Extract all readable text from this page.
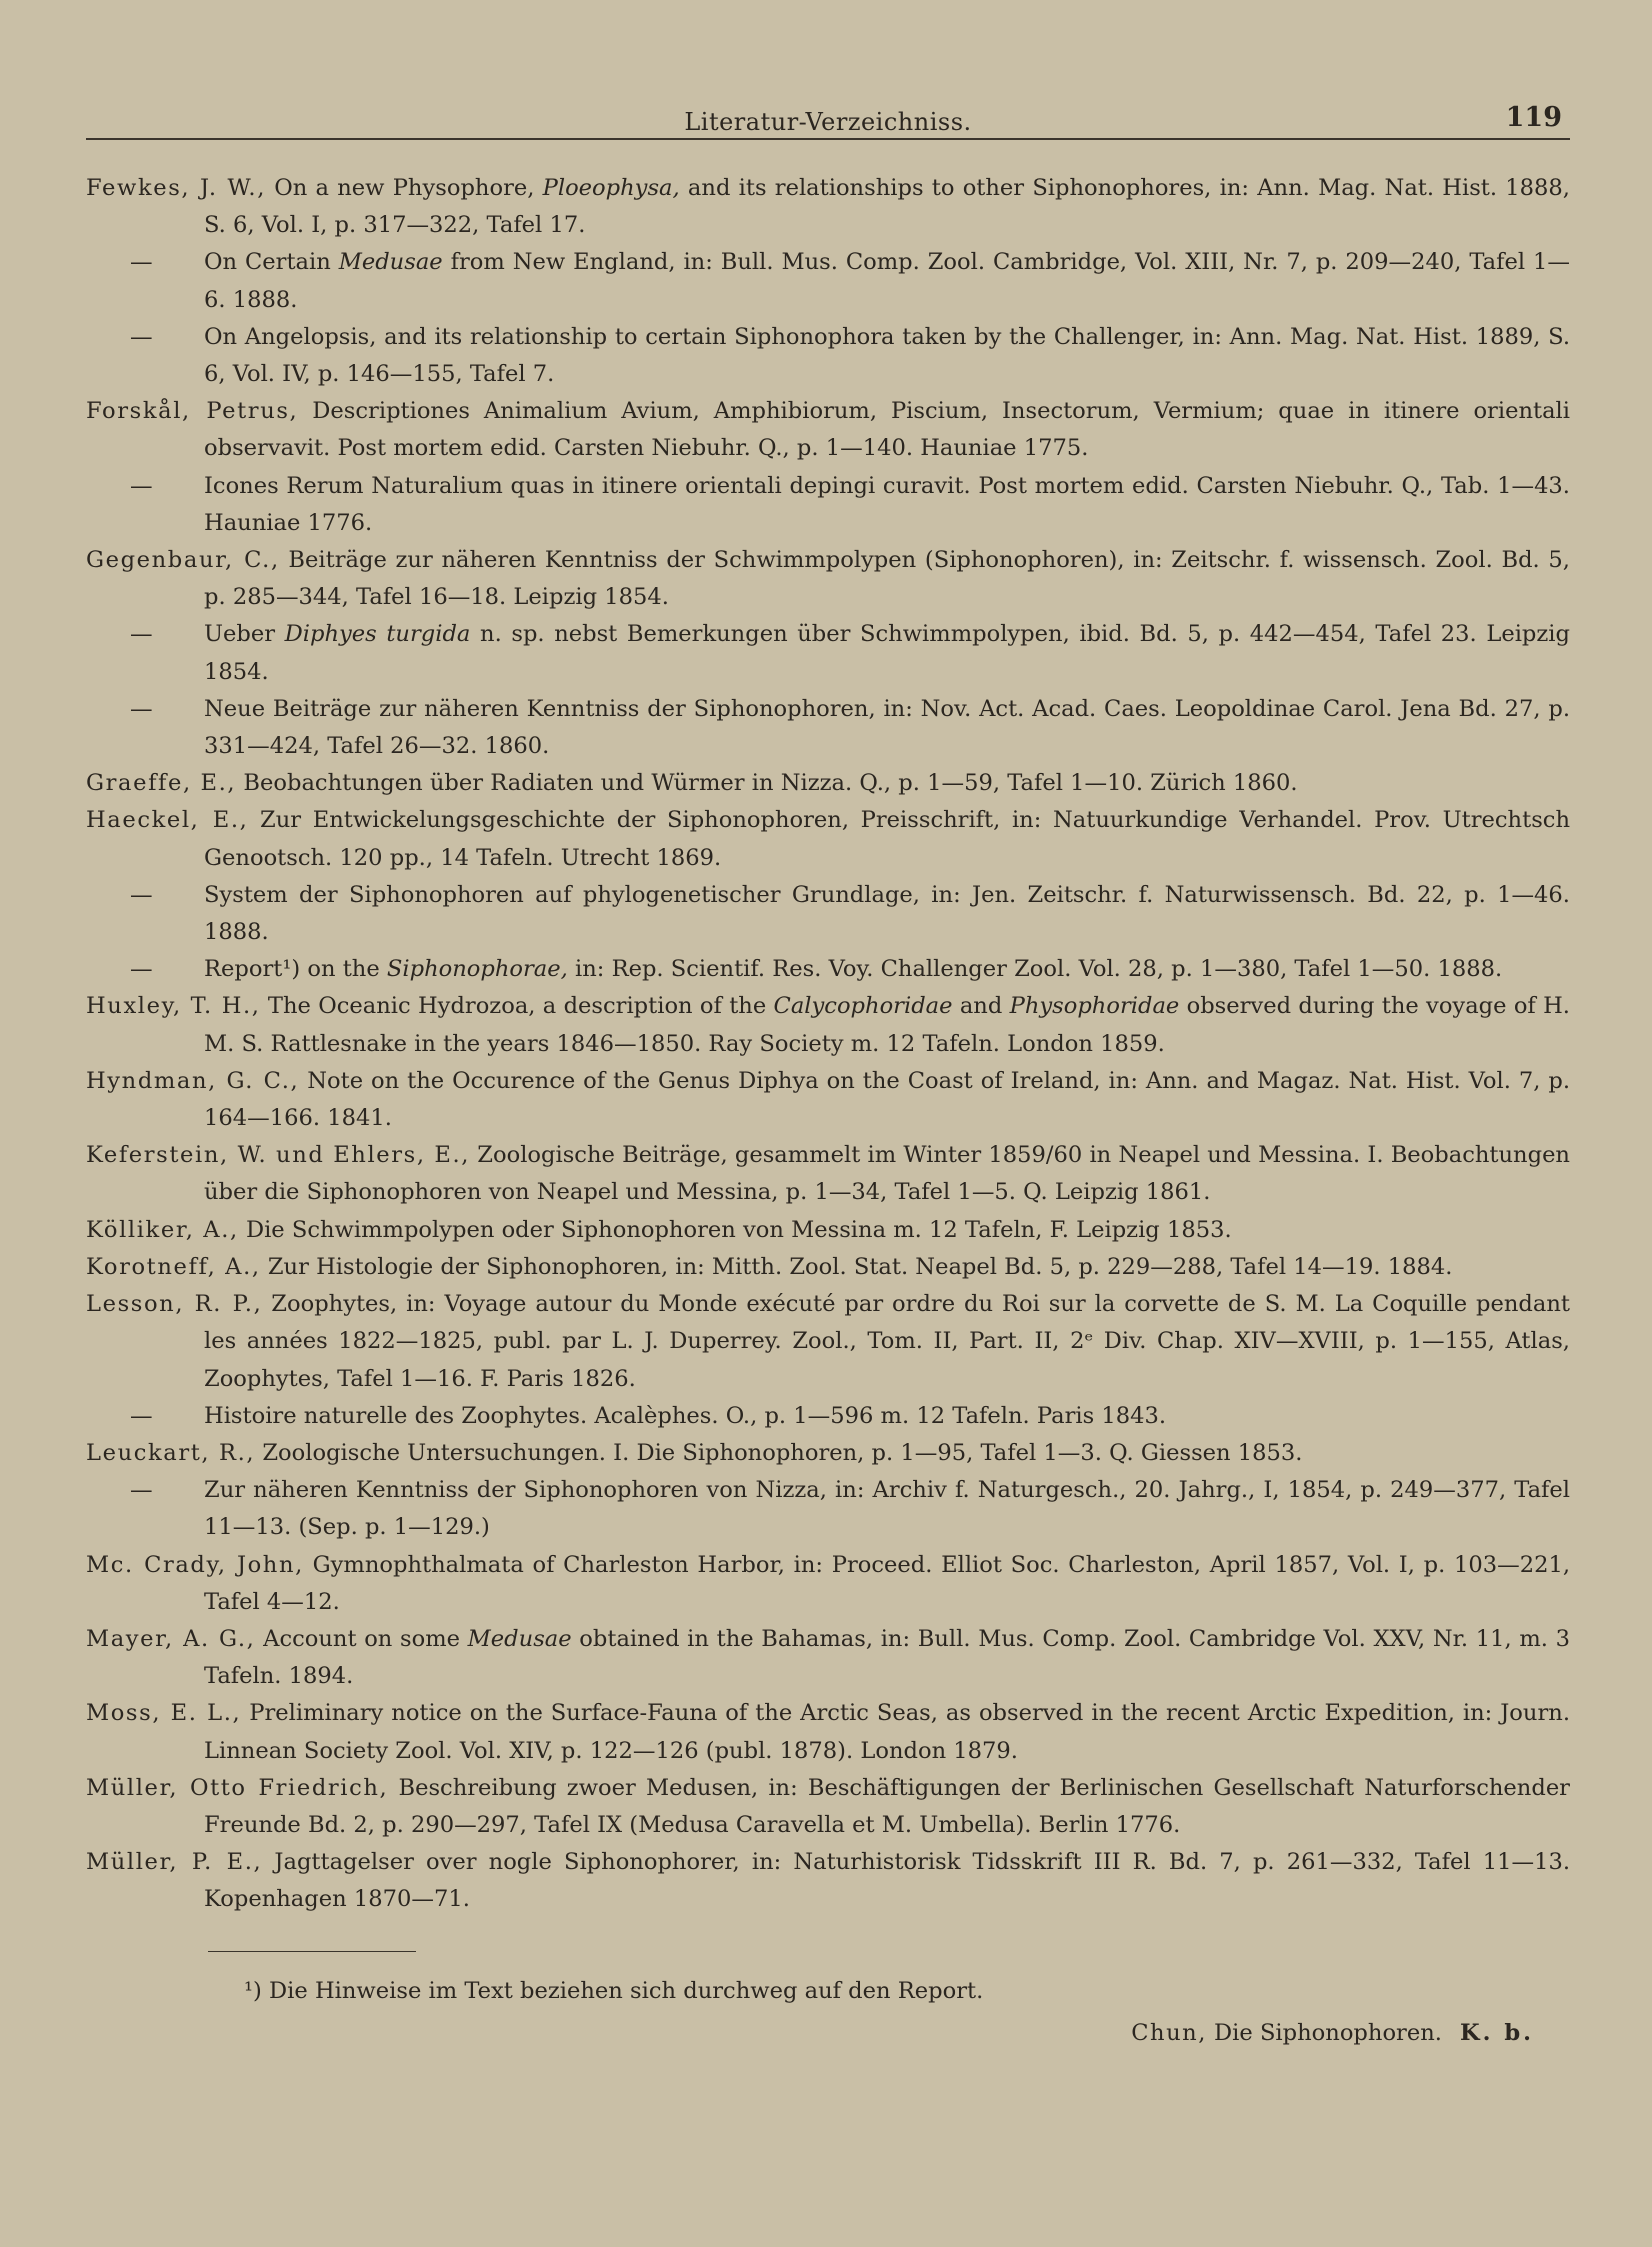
Literatur-Verzeichniss.	119
Fewkes, J. W., On a new Physophore, Ploeophysa, and its relationships to other Siphonophores, in: Ann. Mag. Nat. Hist. 1888, S. 6, Vol. I, p. 317—322, Tafel 17.
— On Certain Medusae from New England, in: Bull. Mus. Comp. Zool. Cambridge, Vol. XIII, Nr. 7, p. 209—240, Tafel 1—6. 1888.
— On Angelopsis, and its relationship to certain Siphonophora taken by the Challenger, in: Ann. Mag. Nat. Hist. 1889, S. 6, Vol. IV, p. 146—155, Tafel 7.
Forskål, Petrus, Descriptiones Animalium Avium, Amphibiorum, Piscium, Insectorum, Vermium; quae in itinere orientali observavit. Post mortem edid. Carsten Niebuhr. Q., p. 1—140. Hauniae 1775.
— Icones Rerum Naturalium quas in itinere orientali depingi curavit. Post mortem edid. Carsten Niebuhr. Q., Tab. 1—43. Hauniae 1776.
Gegenbaur, C., Beiträge zur näheren Kenntniss der Schwimmpolypen (Siphonophoren), in: Zeitschr. f. wissensch. Zool. Bd. 5, p. 285—344, Tafel 16—18. Leipzig 1854.
— Ueber Diphyes turgida n. sp. nebst Bemerkungen über Schwimmpolypen, ibid. Bd. 5, p. 442—454, Tafel 23. Leipzig 1854.
— Neue Beiträge zur näheren Kenntniss der Siphonophoren, in: Nov. Act. Acad. Caes. Leopoldinae Carol. Jena Bd. 27, p. 331—424, Tafel 26—32. 1860.
Graeffe, E., Beobachtungen über Radiaten und Würmer in Nizza. Q., p. 1—59, Tafel 1—10. Zürich 1860.
Haeckel, E., Zur Entwickelungsgeschichte der Siphonophoren, Preisschrift, in: Natuurkundige Verhandel. Prov. Utrechtsch Genootsch. 120 pp., 14 Tafeln. Utrecht 1869.
— System der Siphonophoren auf phylogenetischer Grundlage, in: Jen. Zeitschr. f. Naturwissensch. Bd. 22, p. 1—46. 1888.
— Report¹) on the Siphonophorae, in: Rep. Scientif. Res. Voy. Challenger Zool. Vol. 28, p. 1—380, Tafel 1—50. 1888.
Huxley, T. H., The Oceanic Hydrozoa, a description of the Calycophoridae and Physophoridae observed during the voyage of H. M. S. Rattlesnake in the years 1846—1850. Ray Society m. 12 Tafeln. London 1859.
Hyndman, G. C., Note on the Occurence of the Genus Diphya on the Coast of Ireland, in: Ann. and Magaz. Nat. Hist. Vol. 7, p. 164—166. 1841.
Keferstein, W. und Ehlers, E., Zoologische Beiträge, gesammelt im Winter 1859/60 in Neapel und Messina. I. Beobachtungen über die Siphonophoren von Neapel und Messina, p. 1—34, Tafel 1—5. Q. Leipzig 1861.
Kölliker, A., Die Schwimmpolypen oder Siphonophoren von Messina m. 12 Tafeln, F. Leipzig 1853.
Korotneff, A., Zur Histologie der Siphonophoren, in: Mitth. Zool. Stat. Neapel Bd. 5, p. 229—288, Tafel 14—19. 1884.
Lesson, R. P., Zoophytes, in: Voyage autour du Monde exécuté par ordre du Roi sur la corvette de S. M. La Coquille pendant les années 1822—1825, publ. par L. J. Duperrey. Zool., Tom. II, Part. II, 2ᵉ Div. Chap. XIV—XVIII, p. 1—155, Atlas, Zoophytes, Tafel 1—16. F. Paris 1826.
— Histoire naturelle des Zoophytes. Acalèphes. O., p. 1—596 m. 12 Tafeln. Paris 1843.
Leuckart, R., Zoologische Untersuchungen. I. Die Siphonophoren, p. 1—95, Tafel 1—3. Q. Giessen 1853.
— Zur näheren Kenntniss der Siphonophoren von Nizza, in: Archiv f. Naturgesch., 20. Jahrg., I, 1854, p. 249—377, Tafel 11—13. (Sep. p. 1—129.)
Mc. Crady, John, Gymnophthalmata of Charleston Harbor, in: Proceed. Elliot Soc. Charleston, April 1857, Vol. I, p. 103—221, Tafel 4—12.
Mayer, A. G., Account on some Medusae obtained in the Bahamas, in: Bull. Mus. Comp. Zool. Cambridge Vol. XXV, Nr. 11, m. 3 Tafeln. 1894.
Moss, E. L., Preliminary notice on the Surface-Fauna of the Arctic Seas, as observed in the recent Arctic Expedition, in: Journ. Linnean Society Zool. Vol. XIV, p. 122—126 (publ. 1878). London 1879.
Müller, Otto Friedrich, Beschreibung zwoer Medusen, in: Beschäftigungen der Berlinischen Gesellschaft Naturforschender Freunde Bd. 2, p. 290—297, Tafel IX (Medusa Caravella et M. Umbella). Berlin 1776.
Müller, P. E., Jagttagelser over nogle Siphonophorer, in: Naturhistorisk Tidsskrift III R. Bd. 7, p. 261—332, Tafel 11—13. Kopenhagen 1870—71.
¹) Die Hinweise im Text beziehen sich durchweg auf den Report.
Chun, Die Siphonophoren. K. b.
